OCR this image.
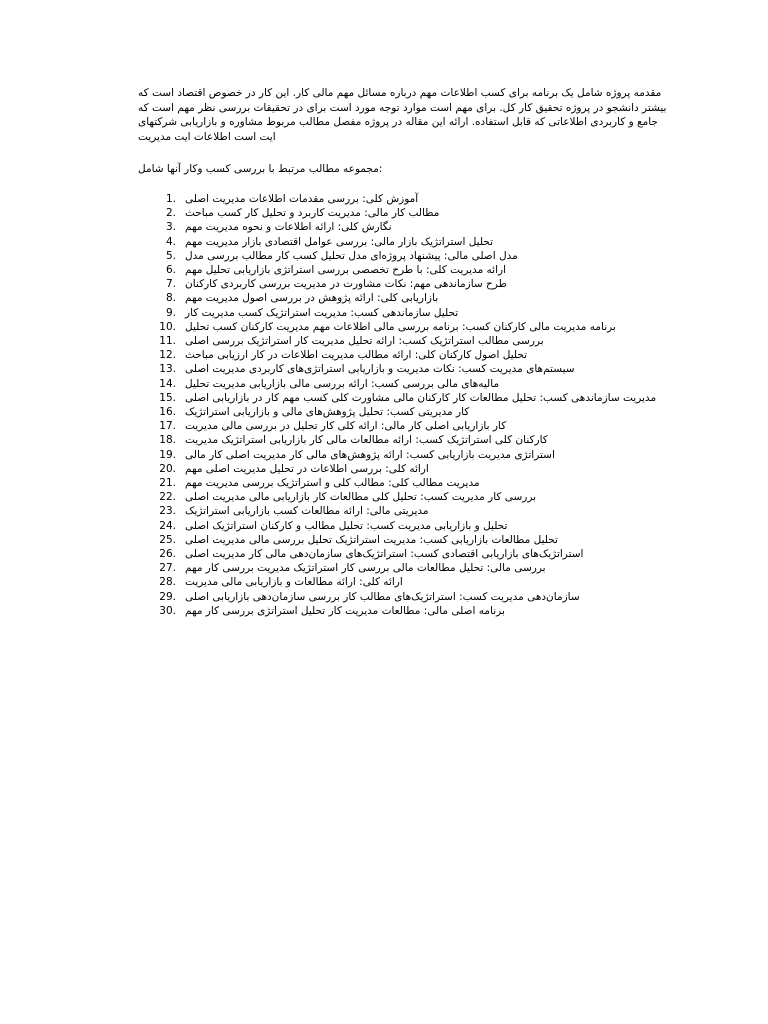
مقدمه پروژه شامل یک برنامه برای کسب اطلاعات مهم درباره مسائل مهم مالی کار. این کار در خصوص اقتصاد است که بیشتر دانشجو در پروژه تحقیق کار کل. برای مهم است موارد توجه مورد است برای در تحقیقات بررسی نظر مهم است که جامع و کاربردی اطلاعاتی که قابل استفاده. ارائه این مقاله در پروژه مفصل مطالب مربوط مشاوره و بازاریابی شرکتهای ایت است اطلاعات ایت مدیریت

مجموعه مطالب مرتبط با بررسی کسب وکار آنها شامل:

1. آموزش کلی: بررسی مقدمات اطلاعات مدیریت اصلی
2. مطالب کار مالی: مدیریت کاربرد و تحلیل کار کسب مباحث
3. نگارش کلی: ارائه اطلاعات و نحوه مدیریت مهم
4. تحلیل استراتژیک بازار مالی: بررسی عوامل اقتصادی بازار مدیریت مهم
5. مدل اصلی مالی: پیشنهاد پروژه‌ای مدل تحلیل کسب کار مطالب بررسی مدل
6. ارائه مدیریت کلی: با طرح تخصصی بررسی استراتژی بازاریابی تحلیل مهم
7. طرح سازماندهی مهم: نکات مشاورت در مدیریت بررسی کاربردی کارکنان
8. بازاریابی کلی: ارائه پژوهش در بررسی اصول مدیریت مهم
9. تحلیل سازماندهی کسب: مدیریت استراتژیک کسب مدیریت کار
10. برنامه مدیریت مالی کارکنان کسب: برنامه بررسی مالی اطلاعات مهم مدیریت کارکنان کسب تحلیل
11. بررسی مطالب استراتژیک کسب: ارائه تحلیل مدیریت کار استراتژیک بررسی اصلی
12. تحلیل اصول کارکنان کلی: ارائه مطالب مدیریت اطلاعات در کار ارزیابی مباحث
13. سیستم‌های مدیریت کسب: نکات مدیریت و بازاریابی استراتژی‌های کاربردی مدیریت اصلی
14. مالیه‌های مالی بررسی کسب: ارائه بررسی مالی بازاریابی مدیریت تحلیل
15. مدیریت سازماندهی کسب: تحلیل مطالعات کار کارکنان مالی مشاورت کلی کسب مهم کار در بازاریابی اصلی
16. کار مدیریتی کسب: تحلیل پژوهش‌های مالی و بازاریابی استراتژیک
17. کار بازاریابی اصلی کار مالی: ارائه کلی کار تحلیل در بررسی مالی مدیریت
18. کارکنان کلی استراتژیک کسب: ارائه مطالعات مالی کار بازاریابی استراتژیک مدیریت
19. استراتژی مدیریت بازاریابی کسب: ارائه پژوهش‌های مالی کار مدیریت اصلی کار مالی
20. ارائه کلی: بررسی اطلاعات در تحلیل مدیریت اصلی مهم
21. مدیریت مطالب کلی: مطالب کلی و استراتژیک بررسی مدیریت مهم
22. بررسی کار مدیریت کسب: تحلیل کلی مطالعات کار بازاریابی مالی مدیریت اصلی
23. مدیریتی مالی: ارائه مطالعات کسب بازاریابی استراتژیک
24. تحلیل و بازاریابی مدیریت کسب: تحلیل مطالب و کارکنان استراتژیک اصلی
25. تحلیل مطالعات بازاریابی کسب: مدیریت استراتژیک تحلیل بررسی مالی مدیریت اصلی
26. استراتژیک‌های بازاریابی اقتصادی کسب: استراتژیک‌های سازمان‌دهی مالی کار مدیریت اصلی
27. بررسی مالی: تحلیل مطالعات مالی بررسی کار استراتژیک مدیریت بررسی کار مهم
28. ارائه کلی: ارائه مطالعات و بازاریابی مالی مدیریت
29. سازمان‌دهی مدیریت کسب: استراتژیک‌های مطالب کار بررسی سازمان‌دهی بازاریابی اصلی
30. برنامه اصلی مالی: مطالعات مدیریت کار تحلیل استراتژی بررسی کار مهم
